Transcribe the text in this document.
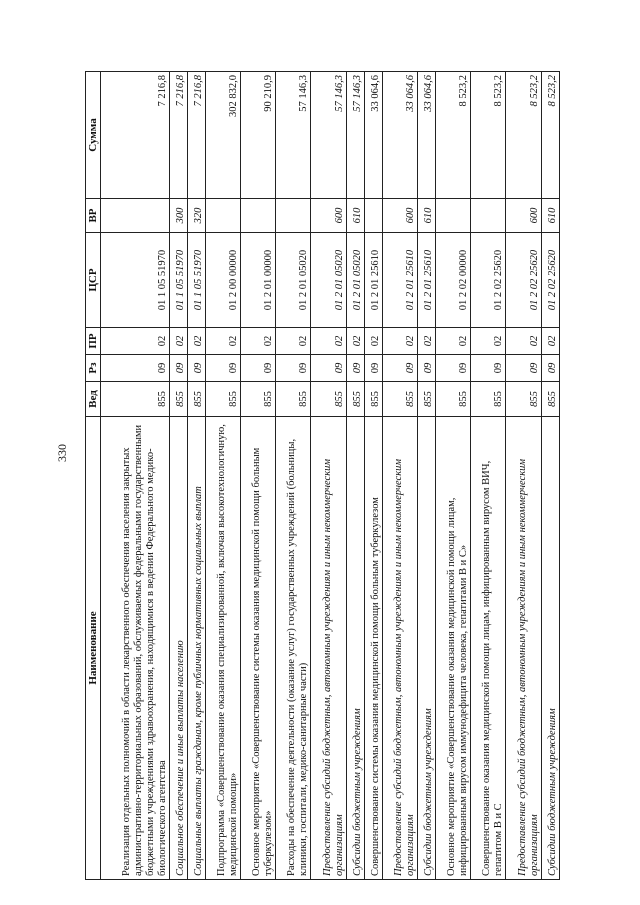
330
Наименование	Вед	Рз	ПР	ЦСР	ВР	Сумма
Реализация отдельных полномочий в области лекарственного обеспечения населения закрытых административно-территориальных образований, обслуживаемых федеральными государственными бюджетными учреждениями здравоохранения, находящимися в ведении Федерального медико-биологического агентства	855	09	02	01 1 05 51970		7 216,8
Социальное обеспечение и иные выплаты населению	855	09	02	01 1 05 51970	300	7 216,8
Социальные выплаты гражданам, кроме публичных нормативных социальных выплат	855	09	02	01 1 05 51970	320	7 216,8
Подпрограмма «Совершенствование оказания специализированной, включая высокотехнологичную, медицинской помощи»	855	09	02	01 2 00 00000		302 832,0
Основное мероприятие «Совершенствование системы оказания медицинской помощи больным туберкулезом»	855	09	02	01 2 01 00000		90 210,9
Расходы на обеспечение деятельности (оказание услуг) государственных учреждений (больницы, клиники, госпитали, медико-санитарные части)	855	09	02	01 2 01 05020		57 146,3
Предоставление субсидий бюджетным, автономным учреждениям и иным некоммерческим организациям	855	09	02	01 2 01 05020	600	57 146,3
Субсидии бюджетным учреждениям	855	09	02	01 2 01 05020	610	57 146,3
Совершенствование системы оказания медицинской помощи больным туберкулезом	855	09	02	01 2 01 25610		33 064,6
Предоставление субсидий бюджетным, автономным учреждениям и иным некоммерческим организациям	855	09	02	01 2 01 25610	600	33 064,6
Субсидии бюджетным учреждениям	855	09	02	01 2 01 25610	610	33 064,6
Основное мероприятие «Совершенствование оказания медицинской помощи лицам, инфицированным вирусом иммунодефицита человека, гепатитами B и C»	855	09	02	01 2 02 00000		8 523,2
Совершенствование оказания медицинской помощи лицам, инфицированным вирусом ВИЧ, гепатитом B и C	855	09	02	01 2 02 25620		8 523,2
Предоставление субсидий бюджетным, автономным учреждениям и иным некоммерческим организациям	855	09	02	01 2 02 25620	600	8 523,2
Субсидии бюджетным учреждениям	855	09	02	01 2 02 25620	610	8 523,2
